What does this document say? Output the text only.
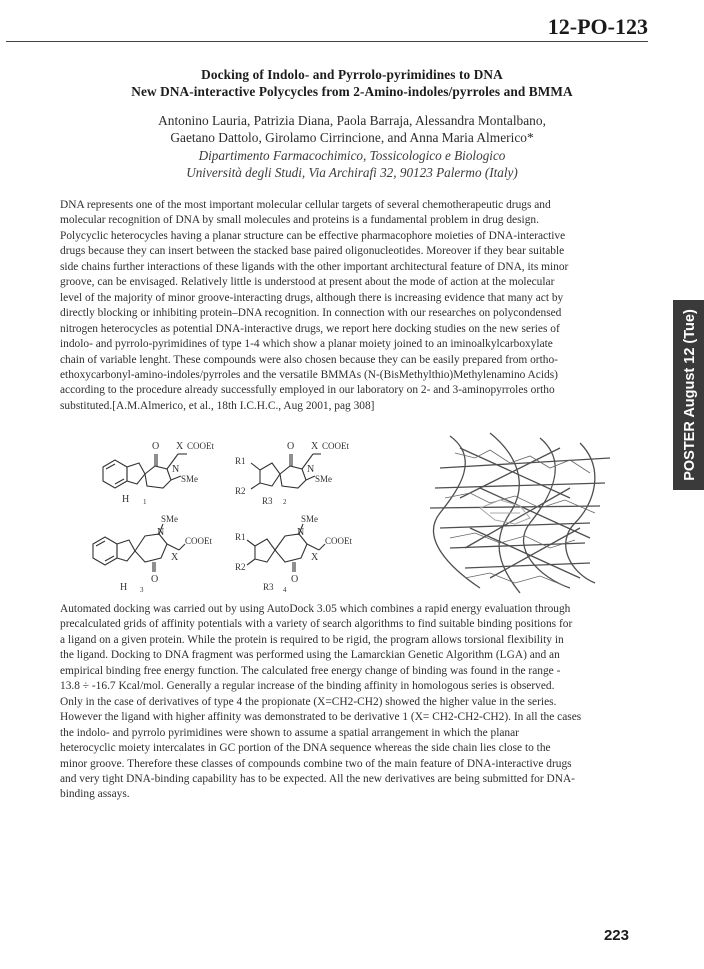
12-PO-123
Docking of Indolo- and Pyrrolo-pyrimidines to DNA
New DNA-interactive Polycycles from 2-Amino-indoles/pyrroles and BMMA
Antonino Lauria, Patrizia Diana, Paola Barraja, Alessandra Montalbano,
Gaetano Dattolo, Girolamo Cirrincione, and Anna Maria Almerico*
Dipartimento Farmacochimico, Tossicologico e Biologico
Università degli Studi, Via Archirafi 32, 90123 Palermo (Italy)
DNA represents one of the most important molecular cellular targets of several chemotherapeutic drugs and
molecular recognition of DNA by small molecules and proteins is a fundamental problem in drug design.
Polycyclic heterocycles having a planar structure can be effective pharmacophore moieties of DNA-interactive
drugs because they can insert between the stacked base paired oligonucleotides. Moreover if they bear suitable
side chains further interactions of these ligands with the other important architectural feature of DNA, its minor
groove, can be envisaged. Relatively little is understood at present about the mode of action at the molecular
level of the majority of minor groove-interacting drugs, although there is increasing evidence that many act by
directly blocking or inhibiting protein–DNA recognition. In connection with our researches on polycondensed
nitrogen heterocycles as potential DNA-interactive drugs, we report here docking studies on the new series of
indolo- and pyrrolo-pyrimidines of type 1-4 which show a planar moiety joined to an iminoalkylcarboxylate
chain of variable lenght. These compounds were also chosen because they can be easily prepared from ortho-
ethoxycarbonyl-amino-indoles/pyrroles and the versatile BMMAs (N-(BisMethylthio)Methylenamino Acids)
according to the procedure already successfully employed in our laboratory on 2- and 3-aminopyrroles ortho
substituted.[A.M.Almerico, et al., 18th I.C.H.C., Aug 2001, pag 308]
O X COOEt
N
SMe
H 1
O X COOEt
N
SMe
R1
R2
R3 2
SMe
N
COOEt
X
O
H 3
SMe
N
COOEt
X
O
R1
R2
R3 4
Automated docking was carried out by using AutoDock 3.05 which combines a rapid energy evaluation through
precalculated grids of affinity potentials with a variety of search algorithms to find suitable binding positions for
a ligand on a given protein. While the protein is required to be rigid, the program allows torsional flexibility in
the ligand. Docking to DNA fragment was performed using the Lamarckian Genetic Algorithm (LGA) and an
empirical binding free energy function. The calculated free energy change of binding was found in the range -
13.8 ÷ -16.7 Kcal/mol. Generally a regular increase of the binding affinity in homologous series is observed.
Only in the case of derivatives of type 4 the propionate (X=CH2-CH2) showed the higher value in the series.
However the ligand with higher affinity was demonstrated to be derivative 1 (X= CH2-CH2-CH2). In all the cases
the indolo- and pyrrolo pyrimidines were shown to assume a spatial arrangement in which the planar
heterocyclic moiety intercalates in GC portion of the DNA sequence whereas the side chain lies close to the
minor groove. Therefore these classes of compounds combine two of the main feature of DNA-interactive drugs
and very tight DNA-binding capability has to be expected. All the new derivatives are being submitted for DNA-
binding assays.
POSTER August 12 (Tue)
223
